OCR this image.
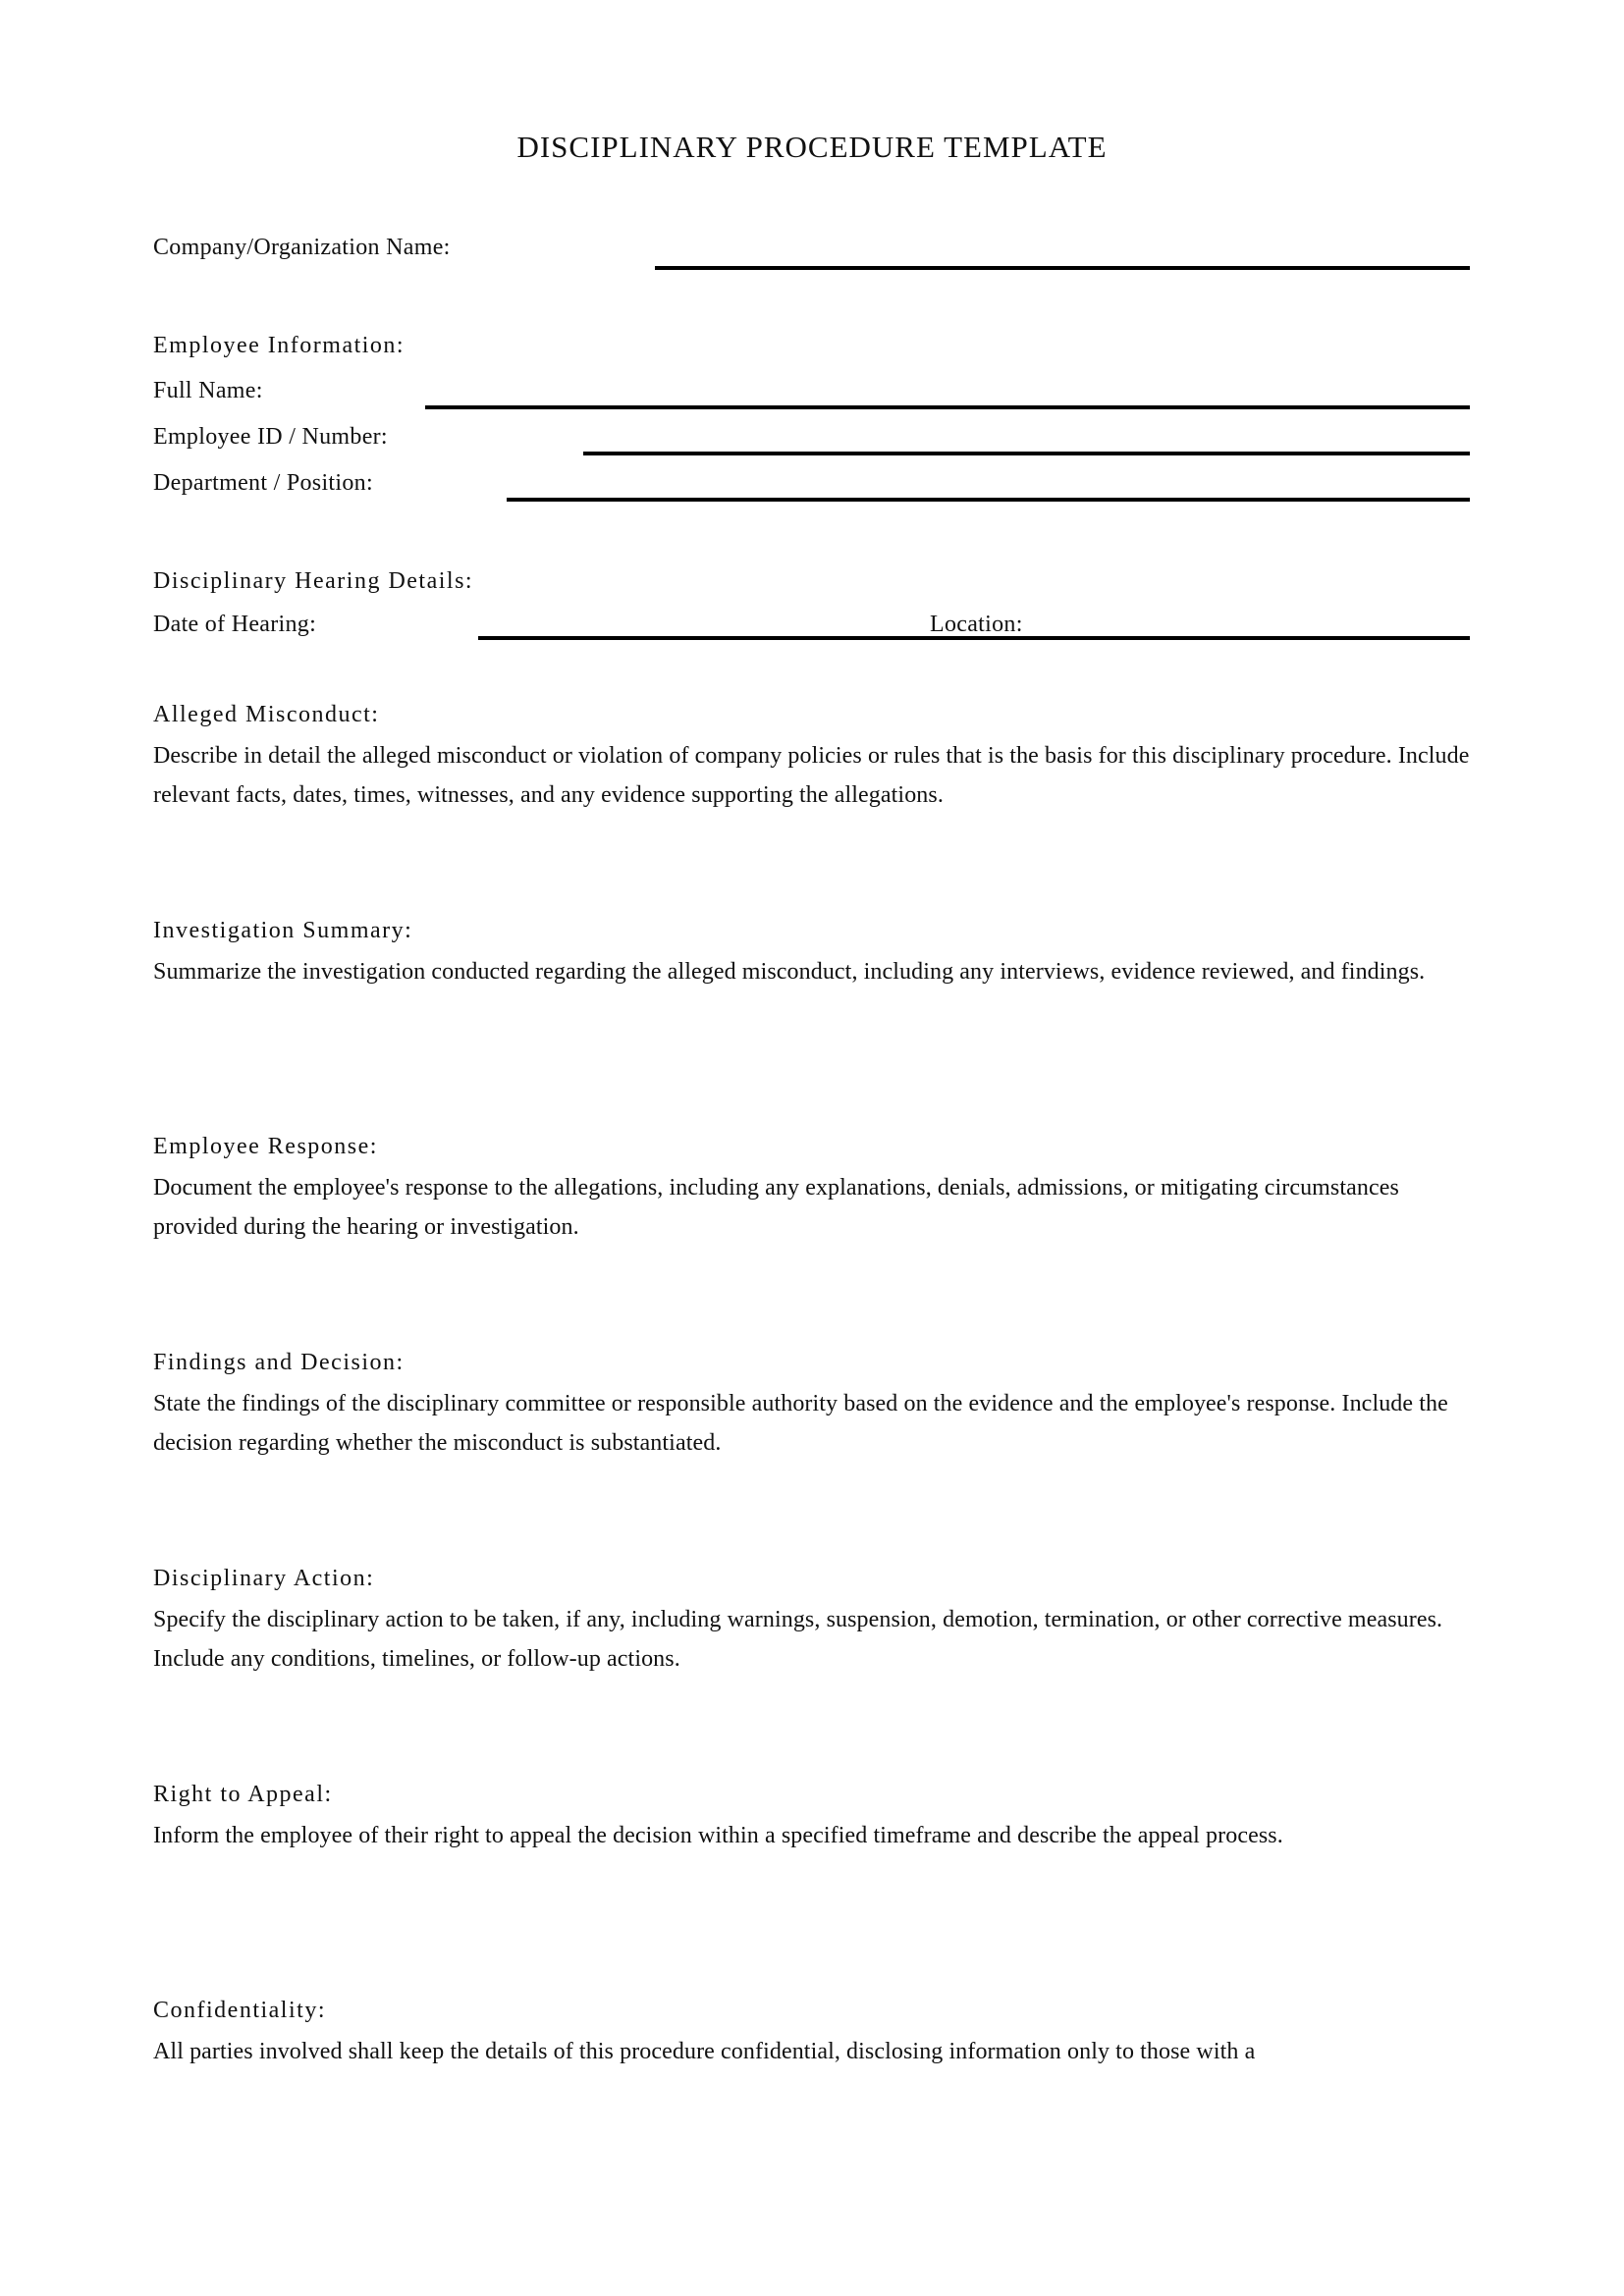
DISCIPLINARY PROCEDURE TEMPLATE
Company/Organization Name:
Employee Information:
Full Name:
Employee ID / Number:
Department / Position:
Disciplinary Hearing Details:
Date of Hearing:	Location:
Alleged Misconduct:
Describe in detail the alleged misconduct or violation of company policies or rules that is the basis for this disciplinary procedure. Include relevant facts, dates, times, witnesses, and any evidence supporting the allegations.
Investigation Summary:
Summarize the investigation conducted regarding the alleged misconduct, including any interviews, evidence reviewed, and findings.
Employee Response:
Document the employee's response to the allegations, including any explanations, denials, admissions, or mitigating circumstances provided during the hearing or investigation.
Findings and Decision:
State the findings of the disciplinary committee or responsible authority based on the evidence and the employee's response. Include the decision regarding whether the misconduct is substantiated.
Disciplinary Action:
Specify the disciplinary action to be taken, if any, including warnings, suspension, demotion, termination, or other corrective measures. Include any conditions, timelines, or follow-up actions.
Right to Appeal:
Inform the employee of their right to appeal the decision within a specified timeframe and describe the appeal process.
Confidentiality:
All parties involved shall keep the details of this procedure confidential, disclosing information only to those with a
